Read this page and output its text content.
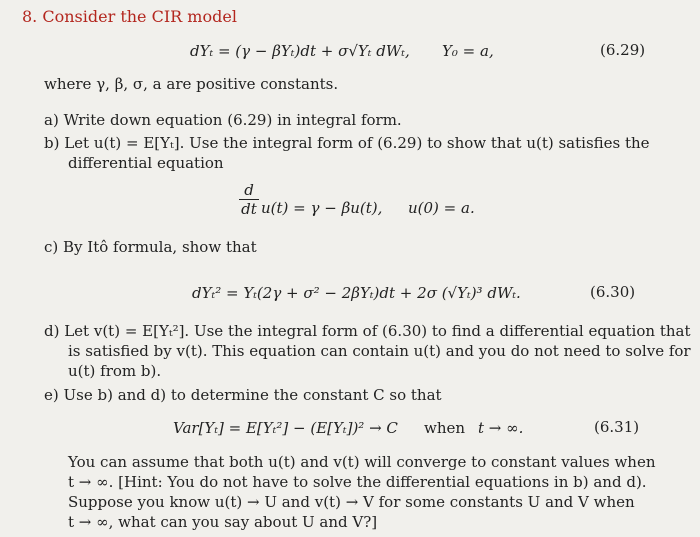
8. Consider the CIR model
dYₜ = (γ − βYₜ)dt + σ√Yₜ dWₜ, Y₀ = a,	(6.29)
where γ, β, σ, a are positive constants.
a) Write down equation (6.29) in integral form.
b) Let u(t) = E[Yₜ]. Use the integral form of (6.29) to show that u(t) satisfies the
differential equation
d
dt u(t) = γ − βu(t), u(0) = a.
c) By Itô formula, show that
dYₜ² = Yₜ(2γ + σ² − 2βYₜ)dt + 2σ (√Yₜ)³ dWₜ.	(6.30)
d) Let v(t) = E[Yₜ²]. Use the integral form of (6.30) to find a differential equation that
is satisfied by v(t). This equation can contain u(t) and you do not need to solve for
u(t) from b).
e) Use b) and d) to determine the constant C so that
Var[Yₜ] = E[Yₜ²] − (E[Yₜ])² → C when t → ∞.	(6.31)
You can assume that both u(t) and v(t) will converge to constant values when
t → ∞. [Hint: You do not have to solve the differential equations in b) and d).
Suppose you know u(t) → U and v(t) → V for some constants U and V when
t → ∞, what can you say about U and V?]
